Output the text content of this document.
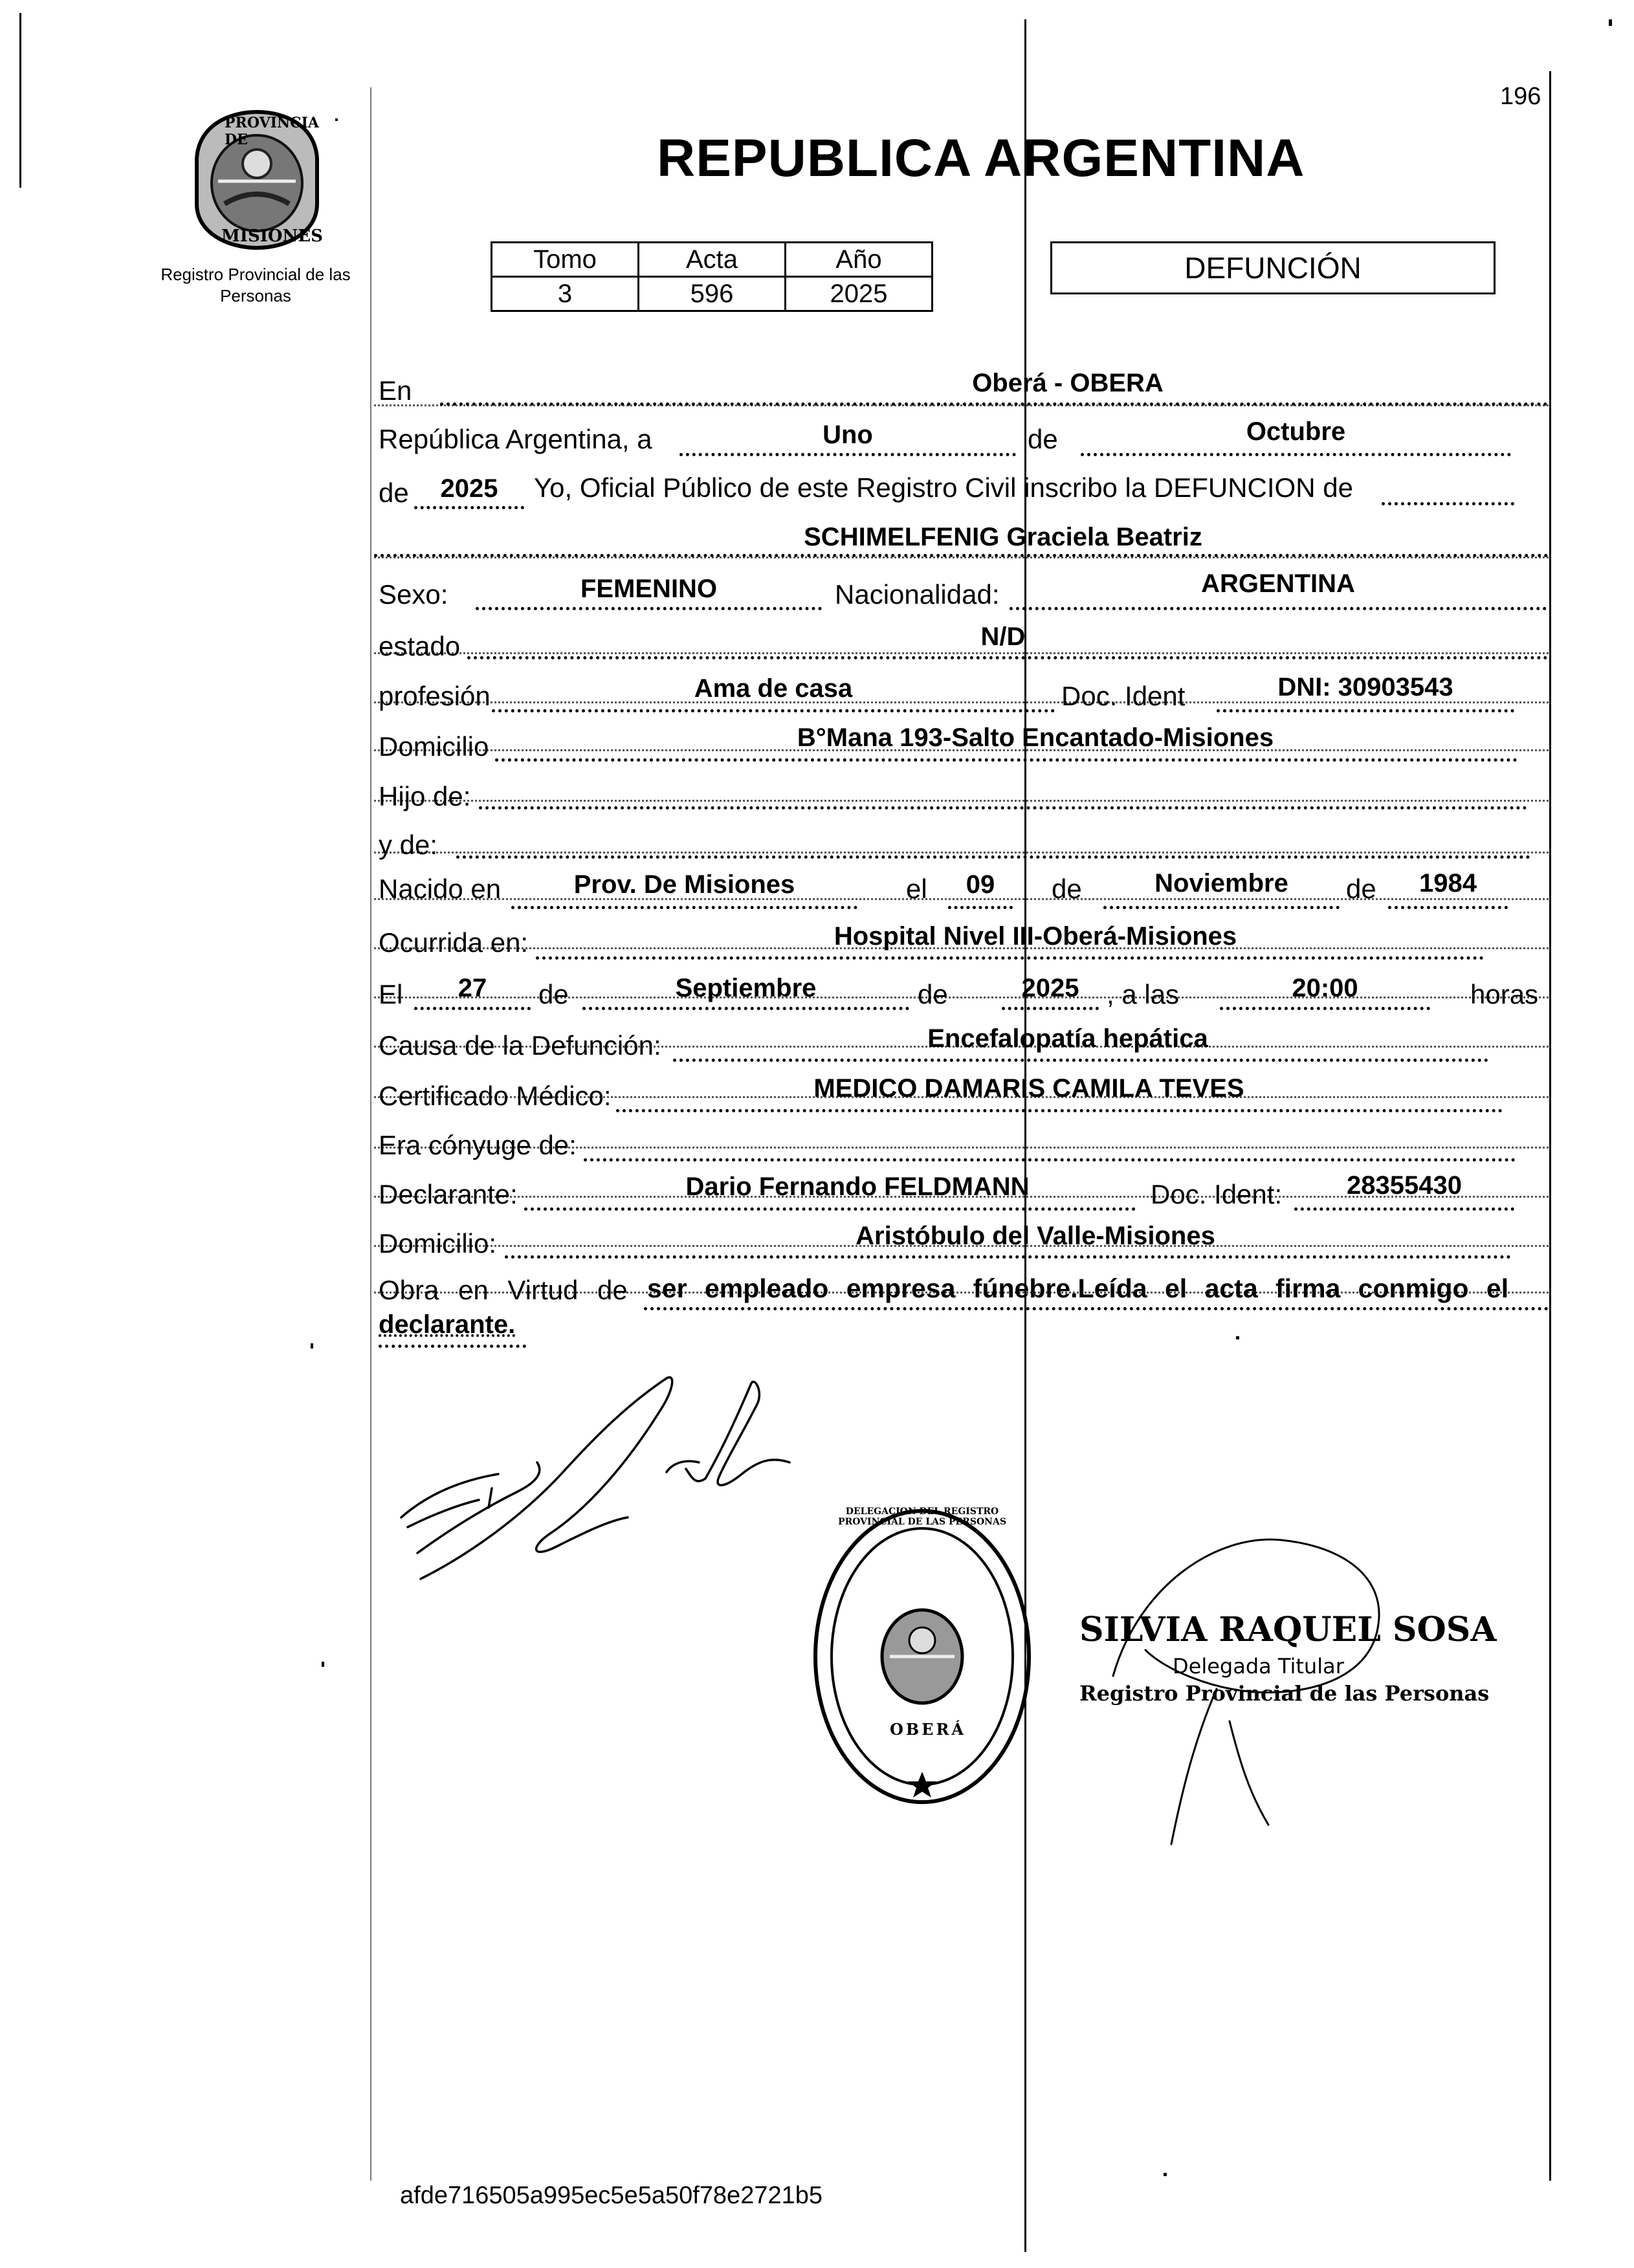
196
PROVINCIA DE
MISIONES
Registro Provincial de las Personas
REPUBLICA ARGENTINA
Tomo	Acta	Año
3	596	2025
DEFUNCIÓN
En	Oberá - OBERA
República Argentina, a	Uno	de	Octubre
de	2025	Yo, Oficial Público de este Registro Civil inscribo la DEFUNCION de
SCHIMELFENIG Graciela Beatriz
Sexo:	FEMENINO	Nacionalidad:	ARGENTINA
estado	N/D
profesión	Ama de casa	Doc. Ident	DNI: 30903543
Domicilio	B°Mana 193-Salto Encantado-Misiones
Hijo de:
y de:
Nacido en	Prov. De Misiones	el	09	de	Noviembre	de	1984
Ocurrida en:	Hospital Nivel III-Oberá-Misiones
El	27	de	Septiembre	de	2025	, a las	20:00	horas
Causa de la Defunción:	Encefalopatía hepática
Certificado Médico:	MEDICO DAMARIS CAMILA TEVES
Era cónyuge de:
Declarante:	Dario Fernando FELDMANN	Doc. Ident:	28355430
Domicilio:	Aristóbulo del Valle-Misiones
Obra en Virtud de ser empleado empresa fúnebre.Leída el acta firma conmigo el
declarante.
DELEGACION DEL REGISTRO PROVINCIAL DE LAS PERSONAS
OBERÁ
SILVIA RAQUEL SOSA
Delegada Titular
Registro Provincial de las Personas
afde716505a995ec5e5a50f78e2721b5
